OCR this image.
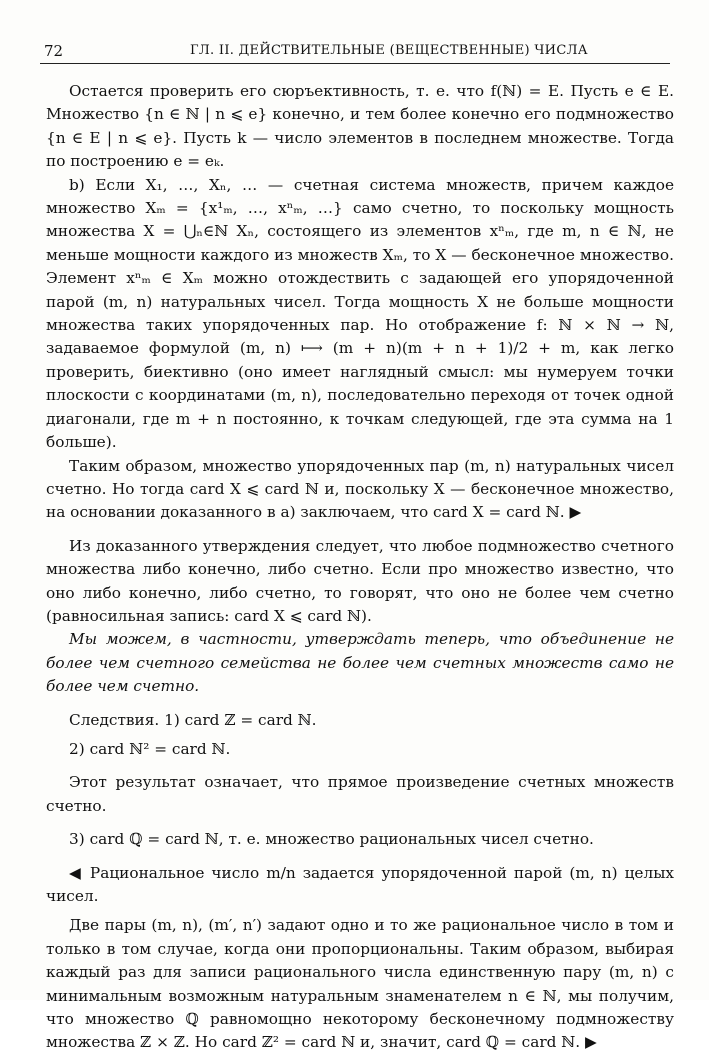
72	ГЛ. II. ДЕЙСТВИТЕЛЬНЫЕ (ВЕЩЕСТВЕННЫЕ) ЧИСЛА

Остается проверить его сюръективность, т. е. что f(ℕ) = E. Пусть e ∈ E. Множество {n ∈ ℕ | n ⩽ e} конечно, и тем более конечно его подмножество {n ∈ E | n ⩽ e}. Пусть k — число элементов в последнем множестве. Тогда по построению e = eₖ.

b) Если X₁, …, Xₙ, … — счетная система множеств, причем каждое множество Xₘ = {x¹ₘ, …, xⁿₘ, …} само счетно, то поскольку мощность множества X = ⋃ₙ∈ℕ Xₙ, состоящего из элементов xⁿₘ, где m, n ∈ ℕ, не меньше мощности каждого из множеств Xₘ, то X — бесконечное множество. Элемент xⁿₘ ∈ Xₘ можно отождествить с задающей его упорядоченной парой (m, n) натуральных чисел. Тогда мощность X не больше мощности множества таких упорядоченных пар. Но отображение f: ℕ × ℕ → ℕ, задаваемое формулой (m, n) ⟼ (m + n)(m + n + 1)/2 + m, как легко проверить, биективно (оно имеет наглядный смысл: мы нумеруем точки плоскости с координатами (m, n), последовательно переходя от точек одной диагонали, где m + n постоянно, к точкам следующей, где эта сумма на 1 больше).

Таким образом, множество упорядоченных пар (m, n) натуральных чисел счетно. Но тогда card X ⩽ card ℕ и, поскольку X — бесконечное множество, на основании доказанного в а) заключаем, что card X = card ℕ. ▶

Из доказанного утверждения следует, что любое подмножество счетного множества либо конечно, либо счетно. Если про множество известно, что оно либо конечно, либо счетно, то говорят, что оно не более чем счетно (равносильная запись: card X ⩽ card ℕ).

Мы можем, в частности, утверждать теперь, что объединение не более чем счетного семейства не более чем счетных множеств само не более чем счетно.

Следствия. 1) card ℤ = card ℕ.

2) card ℕ² = card ℕ.

Этот результат означает, что прямое произведение счетных множеств счетно.

3) card ℚ = card ℕ, т. е. множество рациональных чисел счетно.

◀ Рациональное число m/n задается упорядоченной парой (m, n) целых чисел.

Две пары (m, n), (m′, n′) задают одно и то же рациональное число в том и только в том случае, когда они пропорциональны. Таким образом, выбирая каждый раз для записи рационального числа единственную пару (m, n) с минимальным возможным натуральным знаменателем n ∈ ℕ, мы получим, что множество ℚ равномощно некоторому бесконечному подмножеству множества ℤ × ℤ. Но card ℤ² = card ℕ и, значит, card ℚ = card ℕ. ▶
